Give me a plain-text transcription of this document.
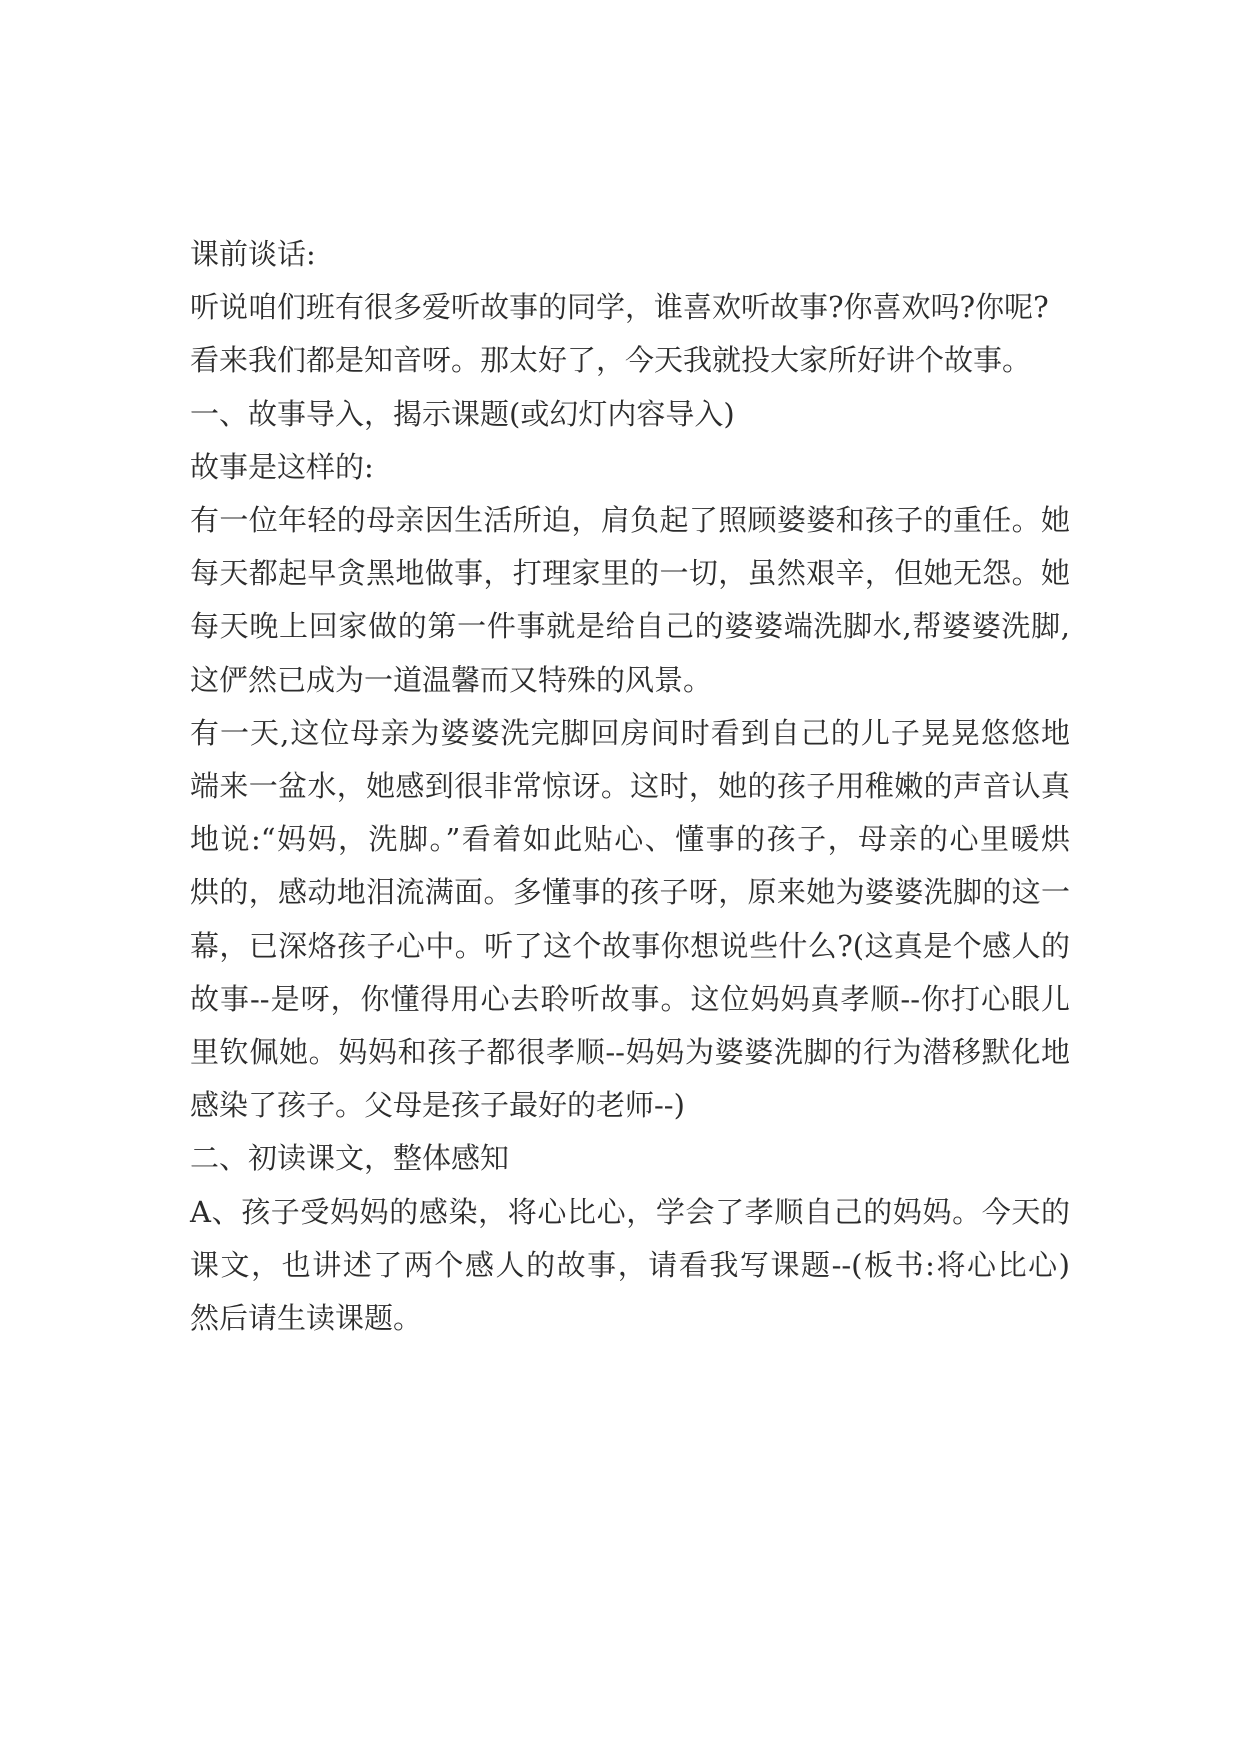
课前谈话:

听说咱们班有很多爱听故事的同学，谁喜欢听故事?你喜欢吗?你呢?

看来我们都是知音呀。那太好了，今天我就投大家所好讲个故事。

一、故事导入，揭示课题(或幻灯内容导入)

故事是这样的:

有一位年轻的母亲因生活所迫，肩负起了照顾婆婆和孩子的重任。她
每天都起早贪黑地做事，打理家里的一切，虽然艰辛，但她无怨。她
每天晚上回家做的第一件事就是给自己的婆婆端洗脚水,帮婆婆洗脚,
这俨然已成为一道温馨而又特殊的风景。

有一天,这位母亲为婆婆洗完脚回房间时看到自己的儿子晃晃悠悠地
端来一盆水，她感到很非常惊讶。这时，她的孩子用稚嫩的声音认真
地说:“妈妈，洗脚。”看着如此贴心、懂事的孩子，母亲的心里暖烘
烘的，感动地泪流满面。多懂事的孩子呀，原来她为婆婆洗脚的这一
幕，已深烙孩子心中。听了这个故事你想说些什么?(这真是个感人的
故事--是呀，你懂得用心去聆听故事。这位妈妈真孝顺--你打心眼儿
里钦佩她。妈妈和孩子都很孝顺--妈妈为婆婆洗脚的行为潜移默化地
感染了孩子。父母是孩子最好的老师--)

二、初读课文，整体感知

A、孩子受妈妈的感染，将心比心，学会了孝顺自己的妈妈。今天的
课文，也讲述了两个感人的故事，请看我写课题--(板书:将心比心)
然后请生读课题。
